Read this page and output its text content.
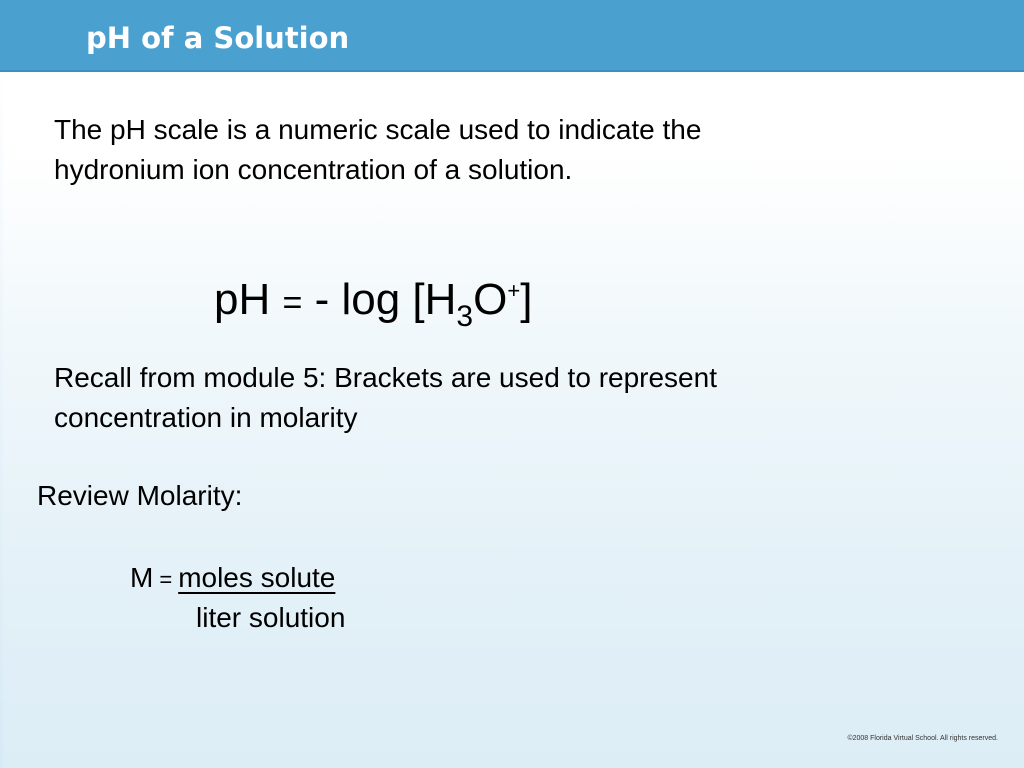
pH of a Solution

The pH scale is a numeric scale used to indicate the

hydronium ion concentration of a solution.

pH = - $\log [H_3O^+]$

Recall from module 5: Brackets are used to represent

concentration in molarity

Review Molarity:

M = moles solute
liter solution
©2008 Florida Virtual School. All rights reserved.
